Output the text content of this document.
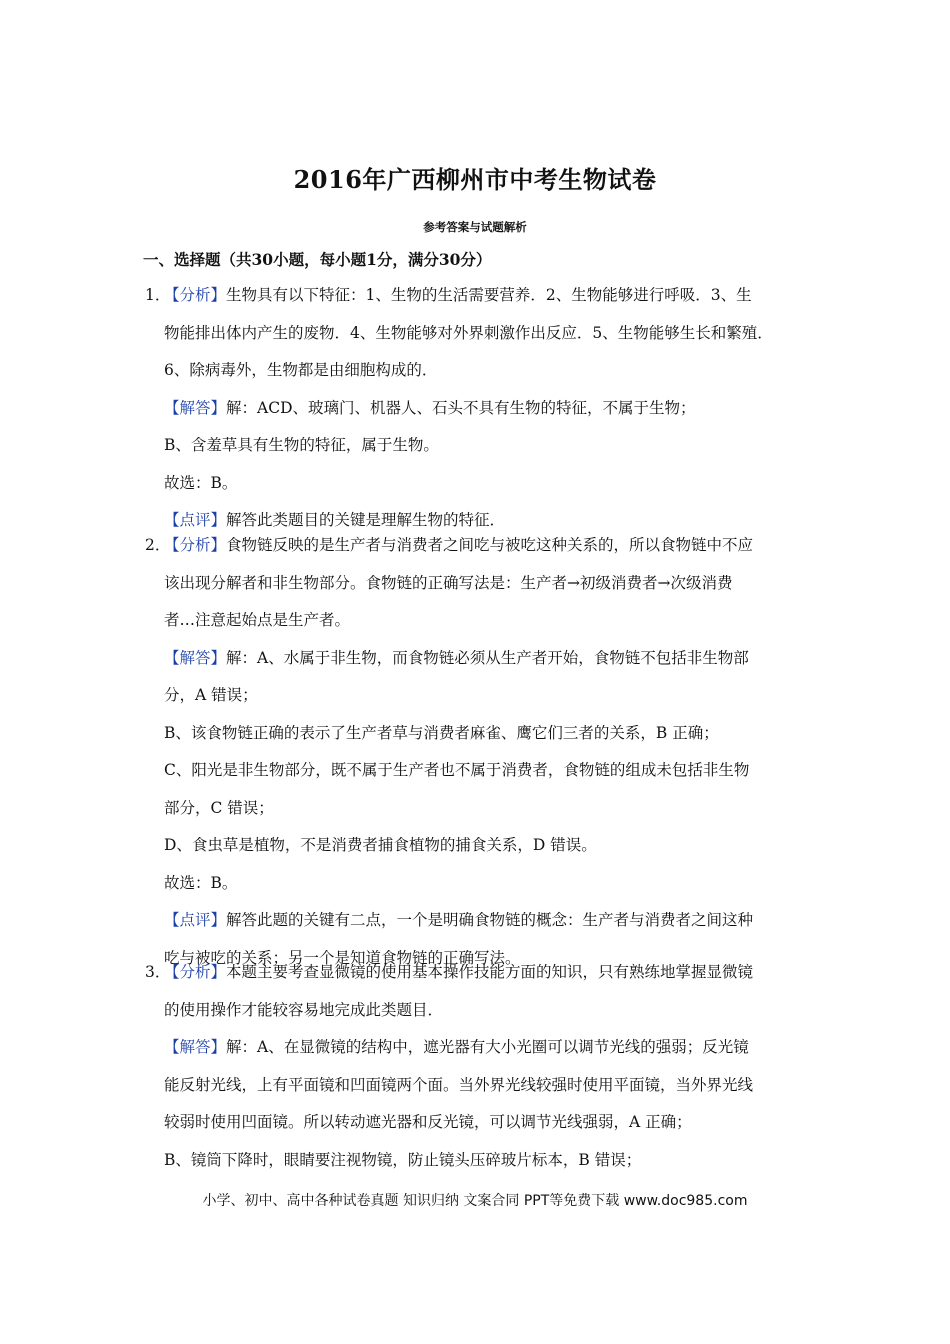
2016年广西柳州市中考生物试卷
参考答案与试题解析
一、选择题（共30小题，每小题1分，满分30分）
1．
【分析】生物具有以下特征：1、生物的生活需要营养．2、生物能够进行呼吸．3、生
物能排出体内产生的废物．4、生物能够对外界刺激作出反应．5、生物能够生长和繁殖．
6、除病毒外，生物都是由细胞构成的．
【解答】解：ACD、玻璃门、机器人、石头不具有生物的特征，不属于生物；
B、含羞草具有生物的特征，属于生物。
故选：B。
【点评】解答此类题目的关键是理解生物的特征．
2．
【分析】食物链反映的是生产者与消费者之间吃与被吃这种关系的，所以食物链中不应
该出现分解者和非生物部分。食物链的正确写法是：生产者→初级消费者→次级消费
者…注意起始点是生产者。
【解答】解：A、水属于非生物，而食物链必须从生产者开始，食物链不包括非生物部
分，A 错误；
B、该食物链正确的表示了生产者草与消费者麻雀、鹰它们三者的关系，B 正确；
C、阳光是非生物部分，既不属于生产者也不属于消费者，食物链的组成未包括非生物
部分，C 错误；
D、食虫草是植物，不是消费者捕食植物的捕食关系，D 错误。
故选：B。
【点评】解答此题的关键有二点，一个是明确食物链的概念：生产者与消费者之间这种
吃与被吃的关系；另一个是知道食物链的正确写法。
3．
【分析】本题主要考查显微镜的使用基本操作技能方面的知识，只有熟练地掌握显微镜
的使用操作才能较容易地完成此类题目．
【解答】解：A、在显微镜的结构中，遮光器有大小光圈可以调节光线的强弱；反光镜
能反射光线，上有平面镜和凹面镜两个面。当外界光线较强时使用平面镜，当外界光线
较弱时使用凹面镜。所以转动遮光器和反光镜，可以调节光线强弱，A 正确；
B、镜筒下降时，眼睛要注视物镜，防止镜头压碎玻片标本，B 错误；
小学、初中、高中各种试卷真题 知识归纳 文案合同 PPT等免费下载 www.doc985.com
